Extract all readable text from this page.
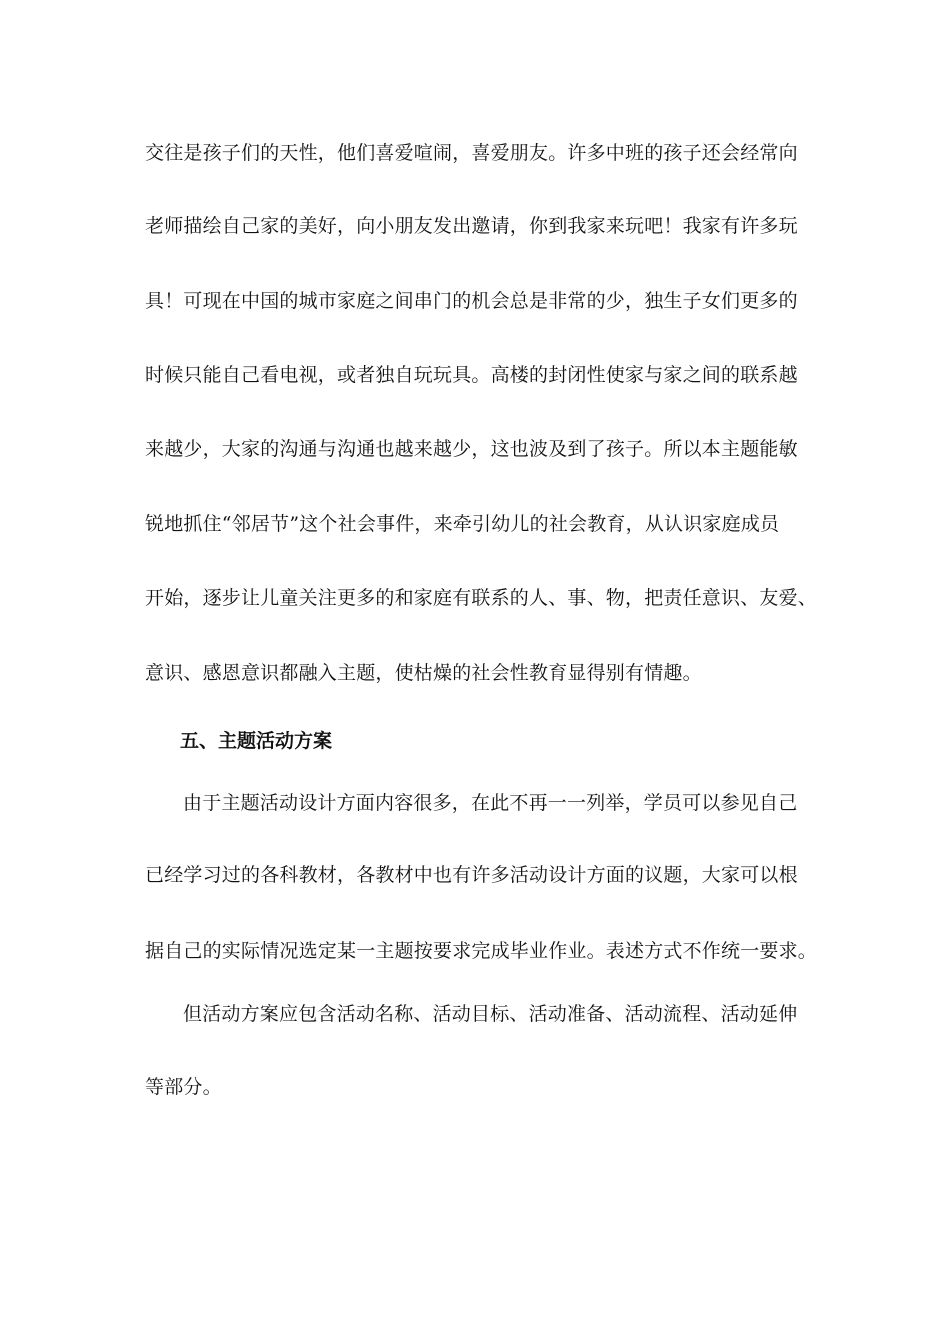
交往是孩子们的天性，他们喜爱喧闹，喜爱朋友。许多中班的孩子还会经常向
老师描绘自己家的美好，向小朋友发出邀请，你到我家来玩吧！我家有许多玩
具！可现在中国的城市家庭之间串门的机会总是非常的少，独生子女们更多的
时候只能自己看电视，或者独自玩玩具。高楼的封闭性使家与家之间的联系越
来越少，大家的沟通与沟通也越来越少，这也波及到了孩子。所以本主题能敏
锐地抓住“邻居节”这个社会事件，来牵引幼儿的社会教育，从认识家庭成员
开始，逐步让儿童关注更多的和家庭有联系的人、事、物，把责任意识、友爱、
意识、感恩意识都融入主题，使枯燥的社会性教育显得别有情趣。
五、主题活动方案
由于主题活动设计方面内容很多，在此不再一一列举，学员可以参见自己
已经学习过的各科教材，各教材中也有许多活动设计方面的议题，大家可以根
据自己的实际情况选定某一主题按要求完成毕业作业。表述方式不作统一要求。
但活动方案应包含活动名称、活动目标、活动准备、活动流程、活动延伸
等部分。
